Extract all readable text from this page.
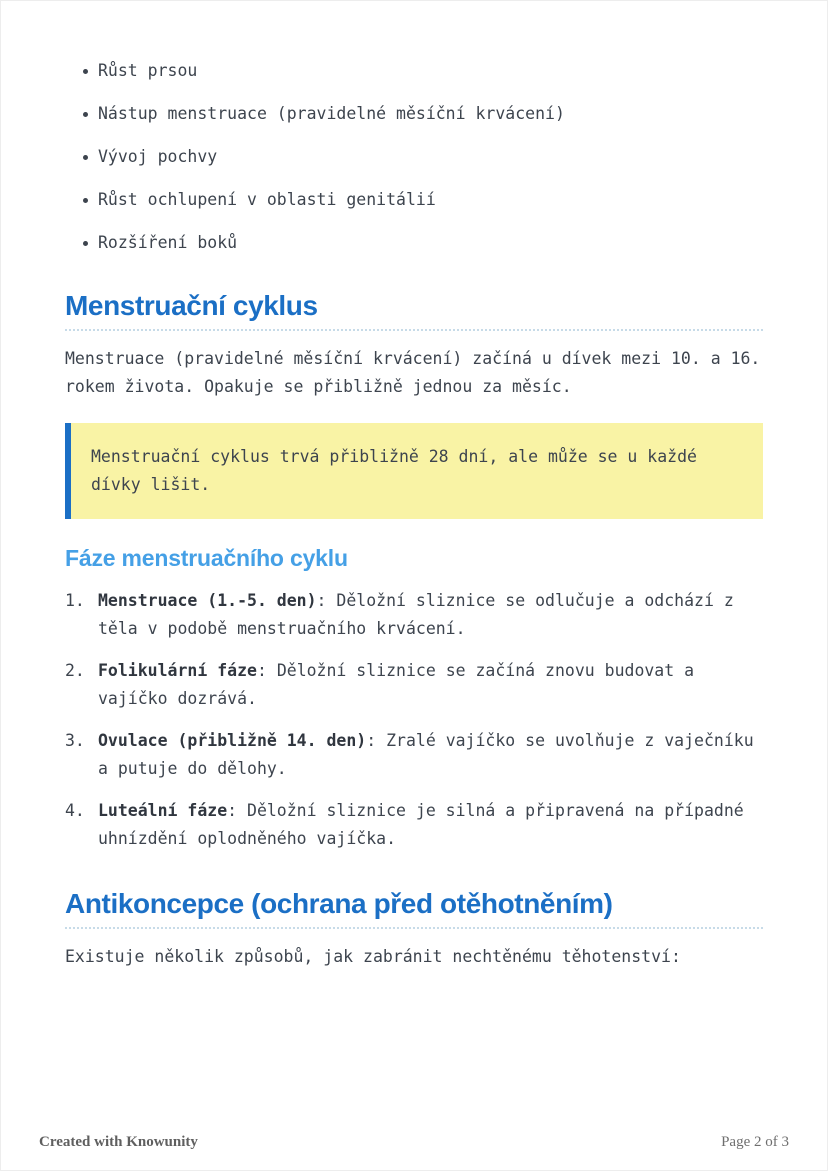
Růst prsou
Nástup menstruace (pravidelné měsíční krvácení)
Vývoj pochvy
Růst ochlupení v oblasti genitálií
Rozšíření boků
Menstruační cyklus

Menstruace (pravidelné měsíční krvácení) začíná u dívek mezi 10. a 16. rokem života. Opakuje se přibližně jednou za měsíc.

Menstruační cyklus trvá přibližně 28 dní, ale může se u každé dívky lišit.

Fáze menstruačního cyklu
1. Menstruace (1.-5. den): Děložní sliznice se odlučuje a odchází z těla v podobě menstruačního krvácení.

2. Folikulární fáze: Děložní sliznice se začíná znovu budovat a vajíčko dozrává.

3. Ovulace (přibližně 14. den): Zralé vajíčko se uvolňuje z vaječníku a putuje do dělohy.

4. Luteální fáze: Děložní sliznice je silná a připravená na případné uhnízdění oplodněného vajíčka.

Antikoncepce (ochrana před otěhotněním)

Existuje několik způsobů, jak zabránit nechtěnému těhotenství:

Created with Knowunity	Page 2 of 3
